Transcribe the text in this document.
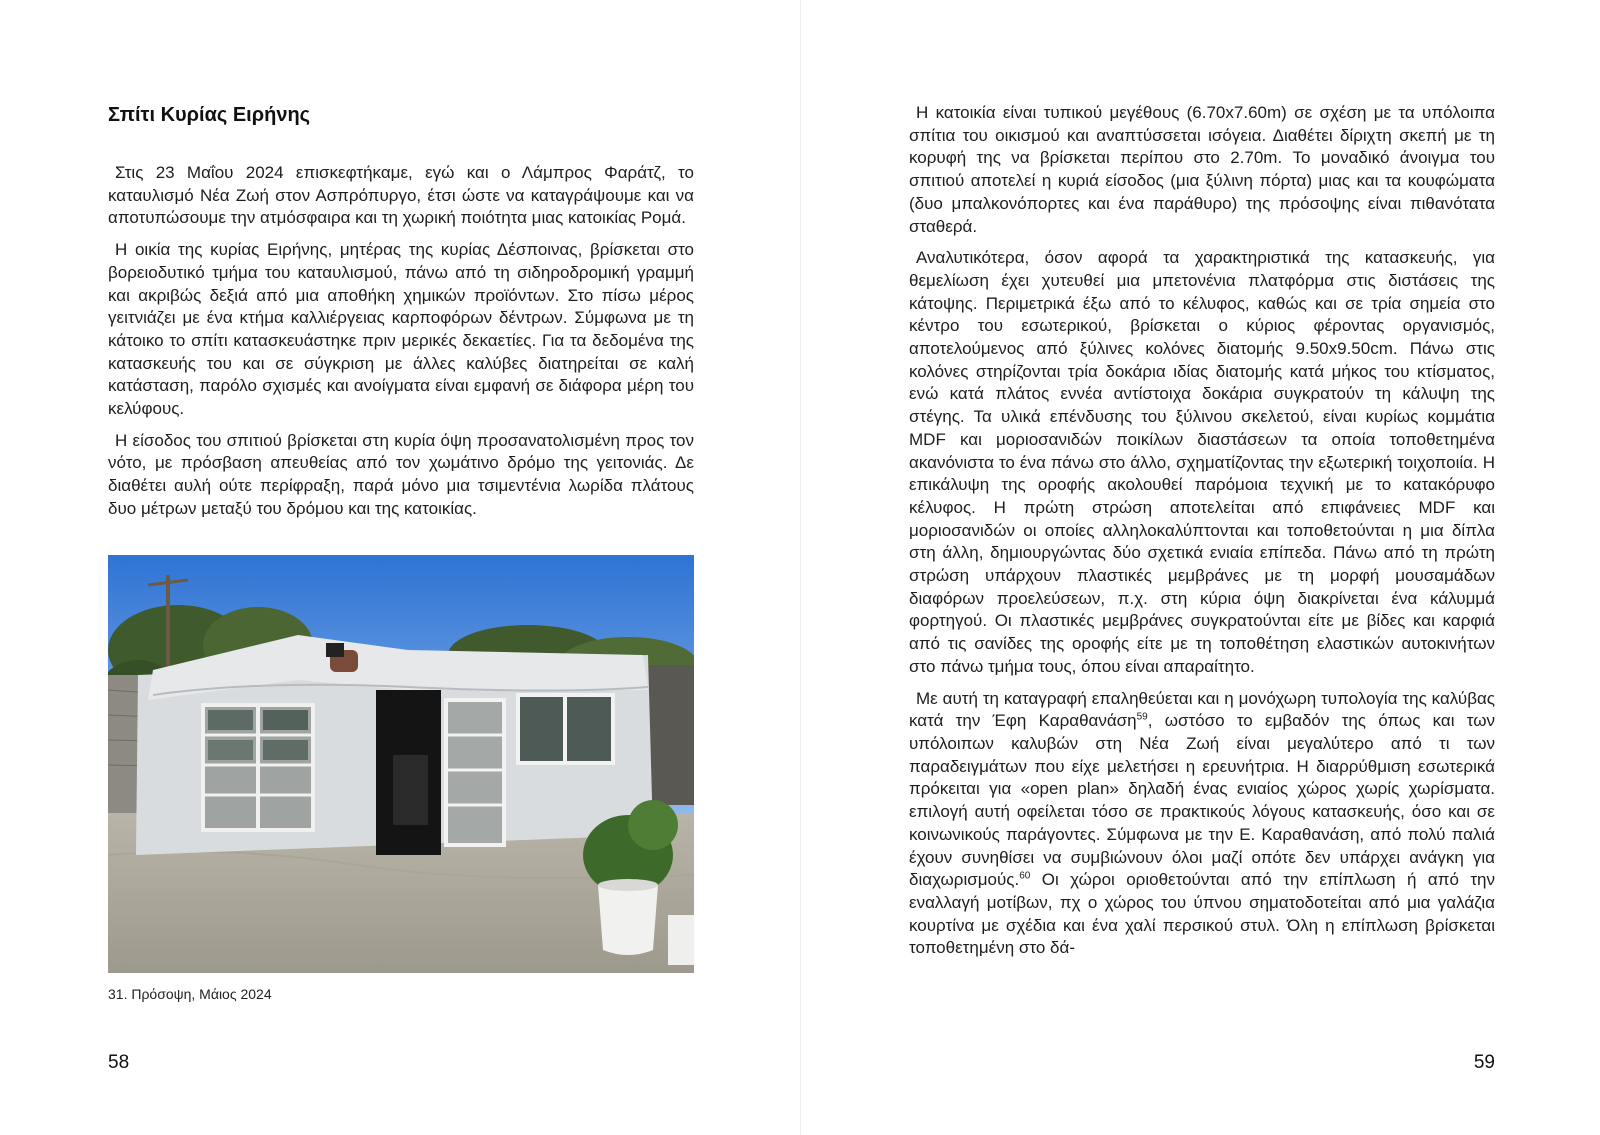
Σπίτι Κυρίας Ειρήνης

Στις 23 Μαΐου 2024 επισκεφτήκαμε, εγώ και ο Λάμπρος Φαράτζ, το καταυλισμό Νέα Ζωή στον Ασπρόπυργο, έτσι ώστε να καταγράψουμε και να αποτυπώσουμε την ατμόσφαιρα και τη χωρική ποιότητα μιας κατοικίας Ρομά.

Η οικία της κυρίας Ειρήνης, μητέρας της κυρίας Δέσποινας, βρίσκεται στο βορειοδυτικό τμήμα του καταυλισμού, πάνω από τη σιδηροδρομική γραμμή και ακριβώς δεξιά από μια αποθήκη χημικών προϊόντων. Στο πίσω μέρος γειτνιάζει με ένα κτήμα καλλιέργειας καρποφόρων δέντρων. Σύμφωνα με τη κάτοικο το σπίτι κατασκευάστηκε πριν μερικές δεκαετίες. Για τα δεδομένα της κατασκευής του και σε σύγκριση με άλλες καλύβες διατηρείται σε καλή κατάσταση, παρόλο σχισμές και ανοίγματα είναι εμφανή σε διάφορα μέρη του κελύφους.

Η είσοδος του σπιτιού βρίσκεται στη κυρία όψη προσανατολισμένη προς τον νότο, με πρόσβαση απευθείας από τον χωμάτινο δρόμο της γειτονιάς. Δε διαθέτει αυλή ούτε περίφραξη, παρά μόνο μια τσιμεντένια λωρίδα πλάτους δυο μέτρων μεταξύ του δρόμου και της κατοικίας.

31. Πρόσοψη, Μάιος 2024
58

Η κατοικία είναι τυπικού μεγέθους (6.70x7.60m) σε σχέση με τα υπόλοιπα σπίτια του οικισμού και αναπτύσσεται ισόγεια. Διαθέτει δίριχτη σκεπή με τη κορυφή της να βρίσκεται περίπου στο 2.70m. Το μοναδικό άνοιγμα του σπιτιού αποτελεί η κυριά είσοδος (μια ξύλινη πόρτα) μιας και τα κουφώματα (δυο μπαλκονόπορτες και ένα παράθυρο) της πρόσοψης είναι πιθανότατα σταθερά.

Αναλυτικότερα, όσον αφορά τα χαρακτηριστικά της κατασκευής, για θεμελίωση έχει χυτευθεί μια μπετονένια πλατφόρμα στις διστάσεις της κάτοψης. Περιμετρικά έξω από το κέλυφος, καθώς και σε τρία σημεία στο κέντρο του εσωτερικού, βρίσκεται ο κύριος φέροντας οργανισμός, αποτελούμενος από ξύλινες κολόνες διατομής 9.50x9.50cm. Πάνω στις κολόνες στηρίζονται τρία δοκάρια ιδίας διατομής κατά μήκος του κτίσματος, ενώ κατά πλάτος εννέα αντίστοιχα δοκάρια συγκρατούν τη κάλυψη της στέγης. Τα υλικά επένδυσης του ξύλινου σκελετού, είναι κυρίως κομμάτια MDF και μοριοσανιδών ποικίλων διαστάσεων τα οποία τοποθετημένα ακανόνιστα το ένα πάνω στο άλλο, σχηματίζοντας την εξωτερική τοιχοποιία. Η επικάλυψη της οροφής ακολουθεί παρόμοια τεχνική με το κατακόρυφο κέλυφος. Η πρώτη στρώση αποτελείται από επιφάνειες MDF και μοριοσανιδών οι οποίες αλληλοκαλύπτονται και τοποθετούνται η μια δίπλα στη άλλη, δημιουργώντας δύο σχετικά ενιαία επίπεδα. Πάνω από τη πρώτη στρώση υπάρχουν πλαστικές μεμβράνες με τη μορφή μουσαμάδων διαφόρων προελεύσεων, π.χ. στη κύρια όψη διακρίνεται ένα κάλυμμά φορτηγού. Οι πλαστικές μεμβράνες συγκρατούνται είτε με βίδες και καρφιά από τις σανίδες της οροφής είτε με τη τοποθέτηση ελαστικών αυτοκινήτων στο πάνω τμήμα τους, όπου είναι απαραίτητο.

Με αυτή τη καταγραφή επαληθεύεται και η μονόχωρη τυπολογία της καλύβας κατά την Έφη Καραθανάση$^{59}$, ωστόσο το εμβαδόν της όπως και των υπόλοιπων καλυβών στη Νέα Ζωή είναι μεγαλύτερο από τι των παραδειγμάτων που είχε μελετήσει η ερευνήτρια. Η διαρρύθμιση εσωτερικά πρόκειται για «open plan» δηλαδή ένας ενιαίος χώρος χωρίς χωρίσματα. επιλογή αυτή οφείλεται τόσο σε πρακτικούς λόγους κατασκευής, όσο και σε κοινωνικούς παράγοντες. Σύμφωνα με την Ε. Καραθανάση, από πολύ παλιά έχουν συνηθίσει να συμβιώνουν όλοι μαζί οπότε δεν υπάρχει ανάγκη για διαχωρισμούς.$^{60}$ Οι χώροι οριοθετούνται από την επίπλωση ή από την εναλλαγή μοτίβων, πχ ο χώρος του ύπνου σηματοδοτείται από μια γαλάζια κουρτίνα με σχέδια και ένα χαλί περσικού στυλ. Όλη η επίπλωση βρίσκεται τοποθετημένη στο δά-

59
